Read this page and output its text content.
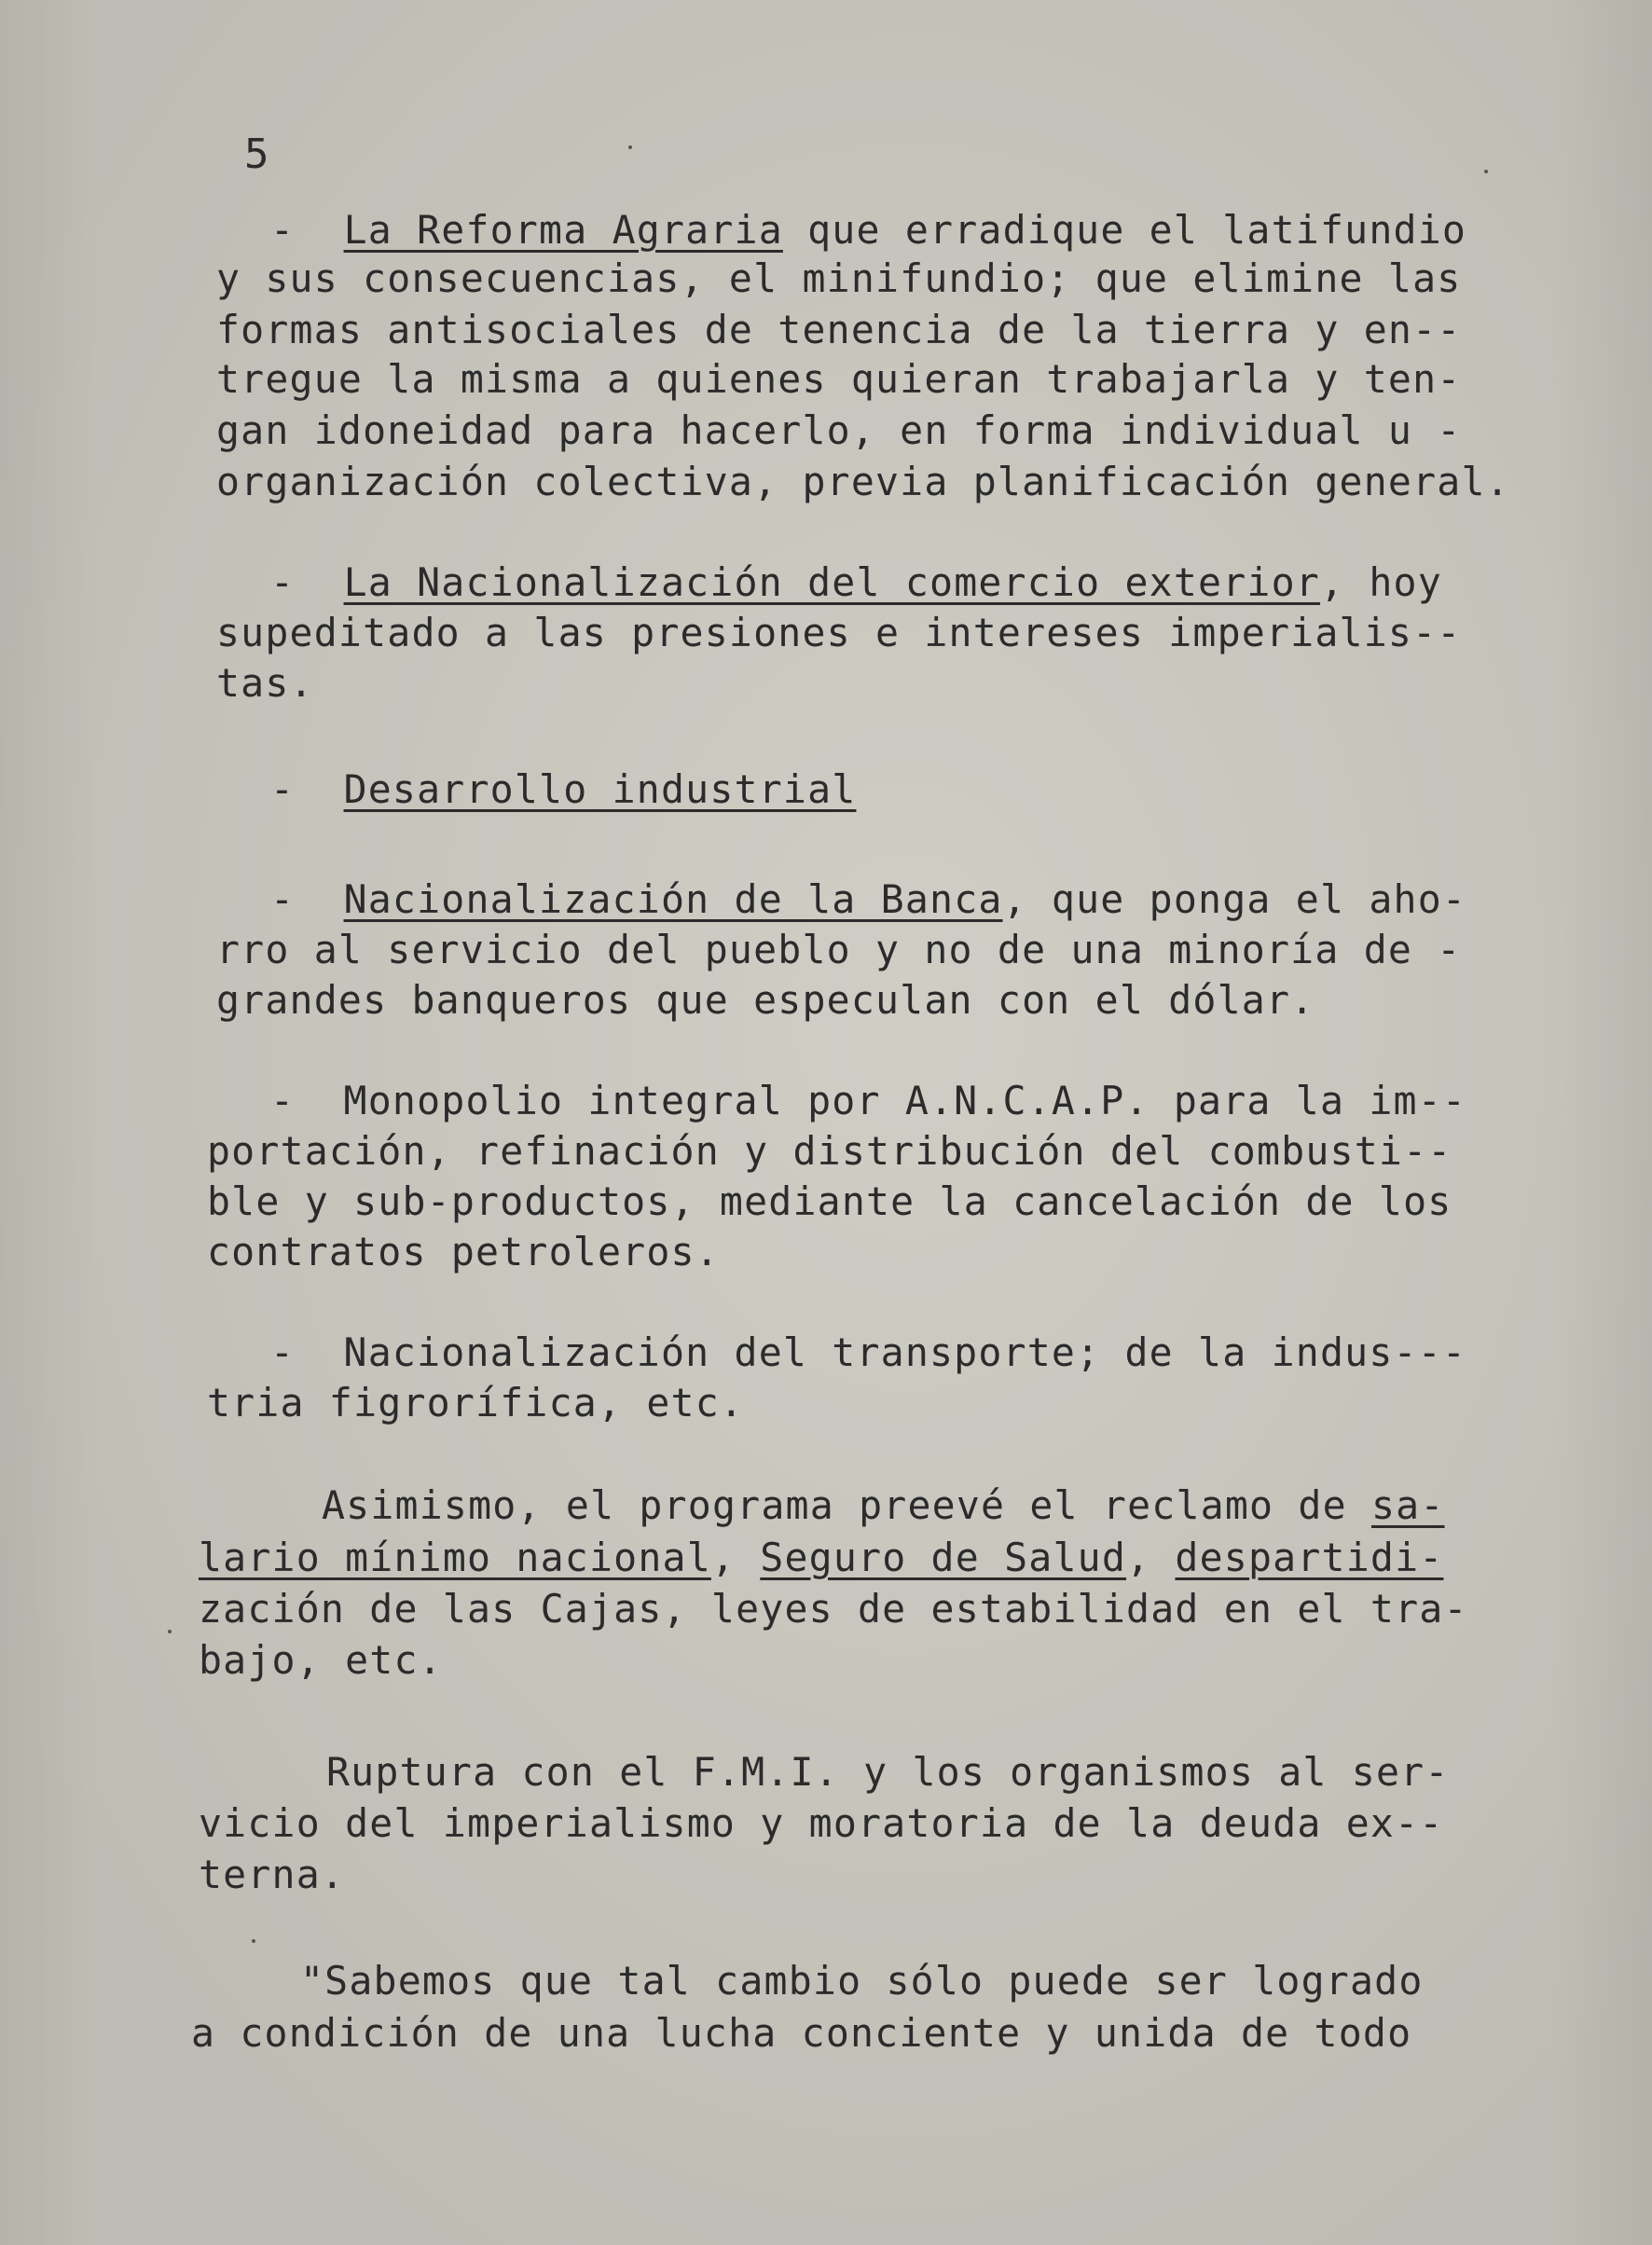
5
-  La Reforma Agraria que erradique el latifundio
y sus consecuencias, el minifundio; que elimine las
formas antisociales de tenencia de la tierra y en--
tregue la misma a quienes quieran trabajarla y ten-
gan idoneidad para hacerlo, en forma individual u -
organización colectiva, previa planificación general.
-  La Nacionalización del comercio exterior, hoy
supeditado a las presiones e intereses imperialis--
tas.
-  Desarrollo industrial
-  Nacionalización de la Banca, que ponga el aho-
rro al servicio del pueblo y no de una minoría de -
grandes banqueros que especulan con el dólar.
-  Monopolio integral por A.N.C.A.P. para la im--
portación, refinación y distribución del combusti--
ble y sub-productos, mediante la cancelación de los
contratos petroleros.
-  Nacionalización del transporte; de la indus---
tria figrorífica, etc.
Asimismo, el programa preevé el reclamo de sa-
lario mínimo nacional, Seguro de Salud, despartidi-
zación de las Cajas, leyes de estabilidad en el tra-
bajo, etc.
Ruptura con el F.M.I. y los organismos al ser-
vicio del imperialismo y moratoria de la deuda ex--
terna.
"Sabemos que tal cambio sólo puede ser logrado
a condición de una lucha conciente y unida de todo
